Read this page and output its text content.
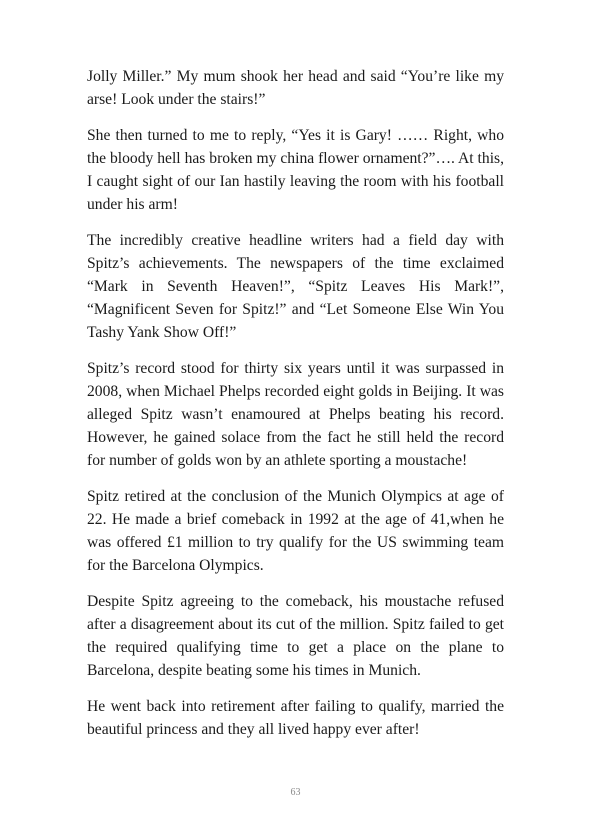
Jolly Miller.” My mum shook her head and said “You’re like my arse! Look under the stairs!”

She then turned to me to reply, “Yes it is Gary! …… Right, who the bloody hell has broken my china flower ornament?”…. At this, I caught sight of our Ian hastily leaving the room with his football under his arm!

The incredibly creative headline writers had a field day with Spitz’s achievements. The newspapers of the time exclaimed “Mark in Seventh Heaven!”, “Spitz Leaves His Mark!”, “Magnificent Seven for Spitz!” and “Let Someone Else Win You Tashy Yank Show Off!”

Spitz’s record stood for thirty six years until it was surpassed in 2008, when Michael Phelps recorded eight golds in Beijing. It was alleged Spitz wasn’t enamoured at Phelps beating his record. However, he gained solace from the fact he still held the record for number of golds won by an athlete sporting a moustache!

Spitz retired at the conclusion of the Munich Olympics at age of 22. He made a brief comeback in 1992 at the age of 41,when he was offered £1 million to try qualify for the US swimming team for the Barcelona Olympics.

Despite Spitz agreeing to the comeback, his moustache refused after a disagreement about its cut of the million. Spitz failed to get the required qualifying time to get a place on the plane to Barcelona, despite beating some his times in Munich.

He went back into retirement after failing to qualify, married the beautiful princess and they all lived happy ever after!

63
